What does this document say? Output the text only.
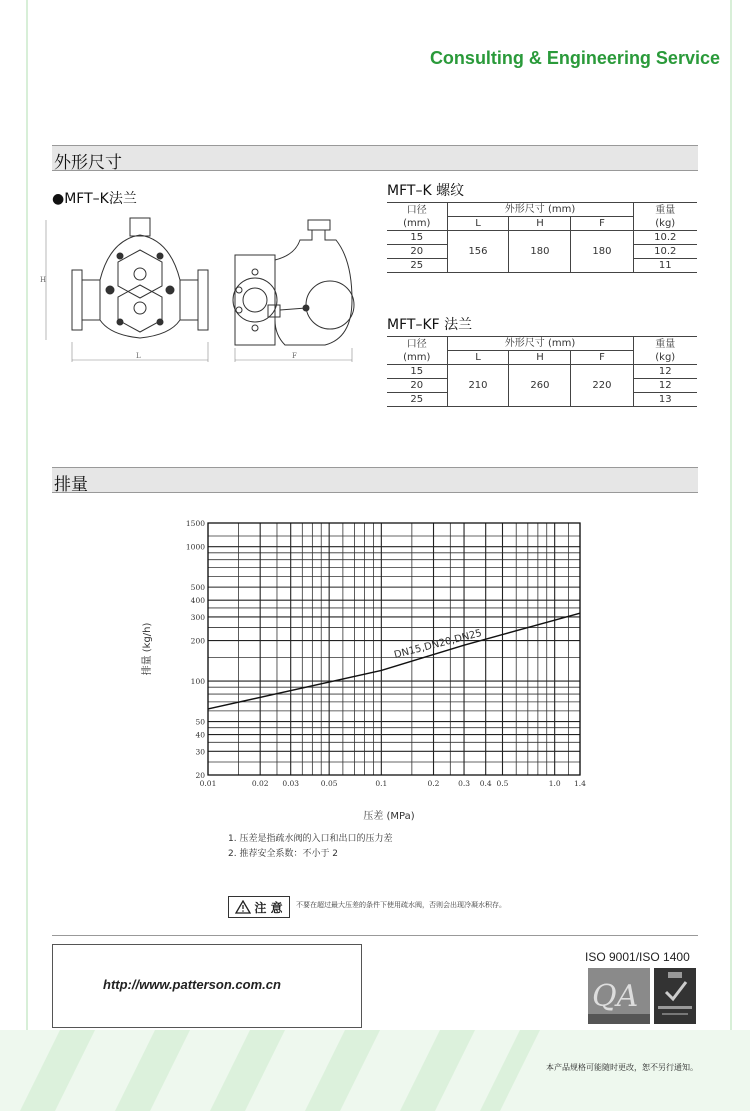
Consulting & Engineering Service
外形尺寸
●MFT–K法兰
H
L	F
MFT–K 螺纹
口径
(mm)	外形尺寸 (mm)			重量
(kg)
	L	H	F	
15	156	180	180	10.2
20				10.2
25				11
MFT–KF 法兰
口径
(mm)	外形尺寸 (mm)			重量
(kg)
	L	H	F	
15	210	260	220	12
20				12
25				13
排量
0.01	0.02 0.03	0.05	0.1	0.2 0.3 0.4 0.5	1.0 1.4
20
30
40
50
100
200
300
400
500
1000
1500
压差 (MPa)
排量 (kg/h)	DN15,DN20,DN25
1. 压差是指疏水阀的入口和出口的压力差
2. 推荐安全系数：不小于 2
注 意 不要在超过最大压差的条件下使用疏水阀，否则会出现冷凝水积存。
http://www.patterson.com.cn
ISO 9001/ISO 1400
QA
本产品规格可能随时更改，恕不另行通知。
